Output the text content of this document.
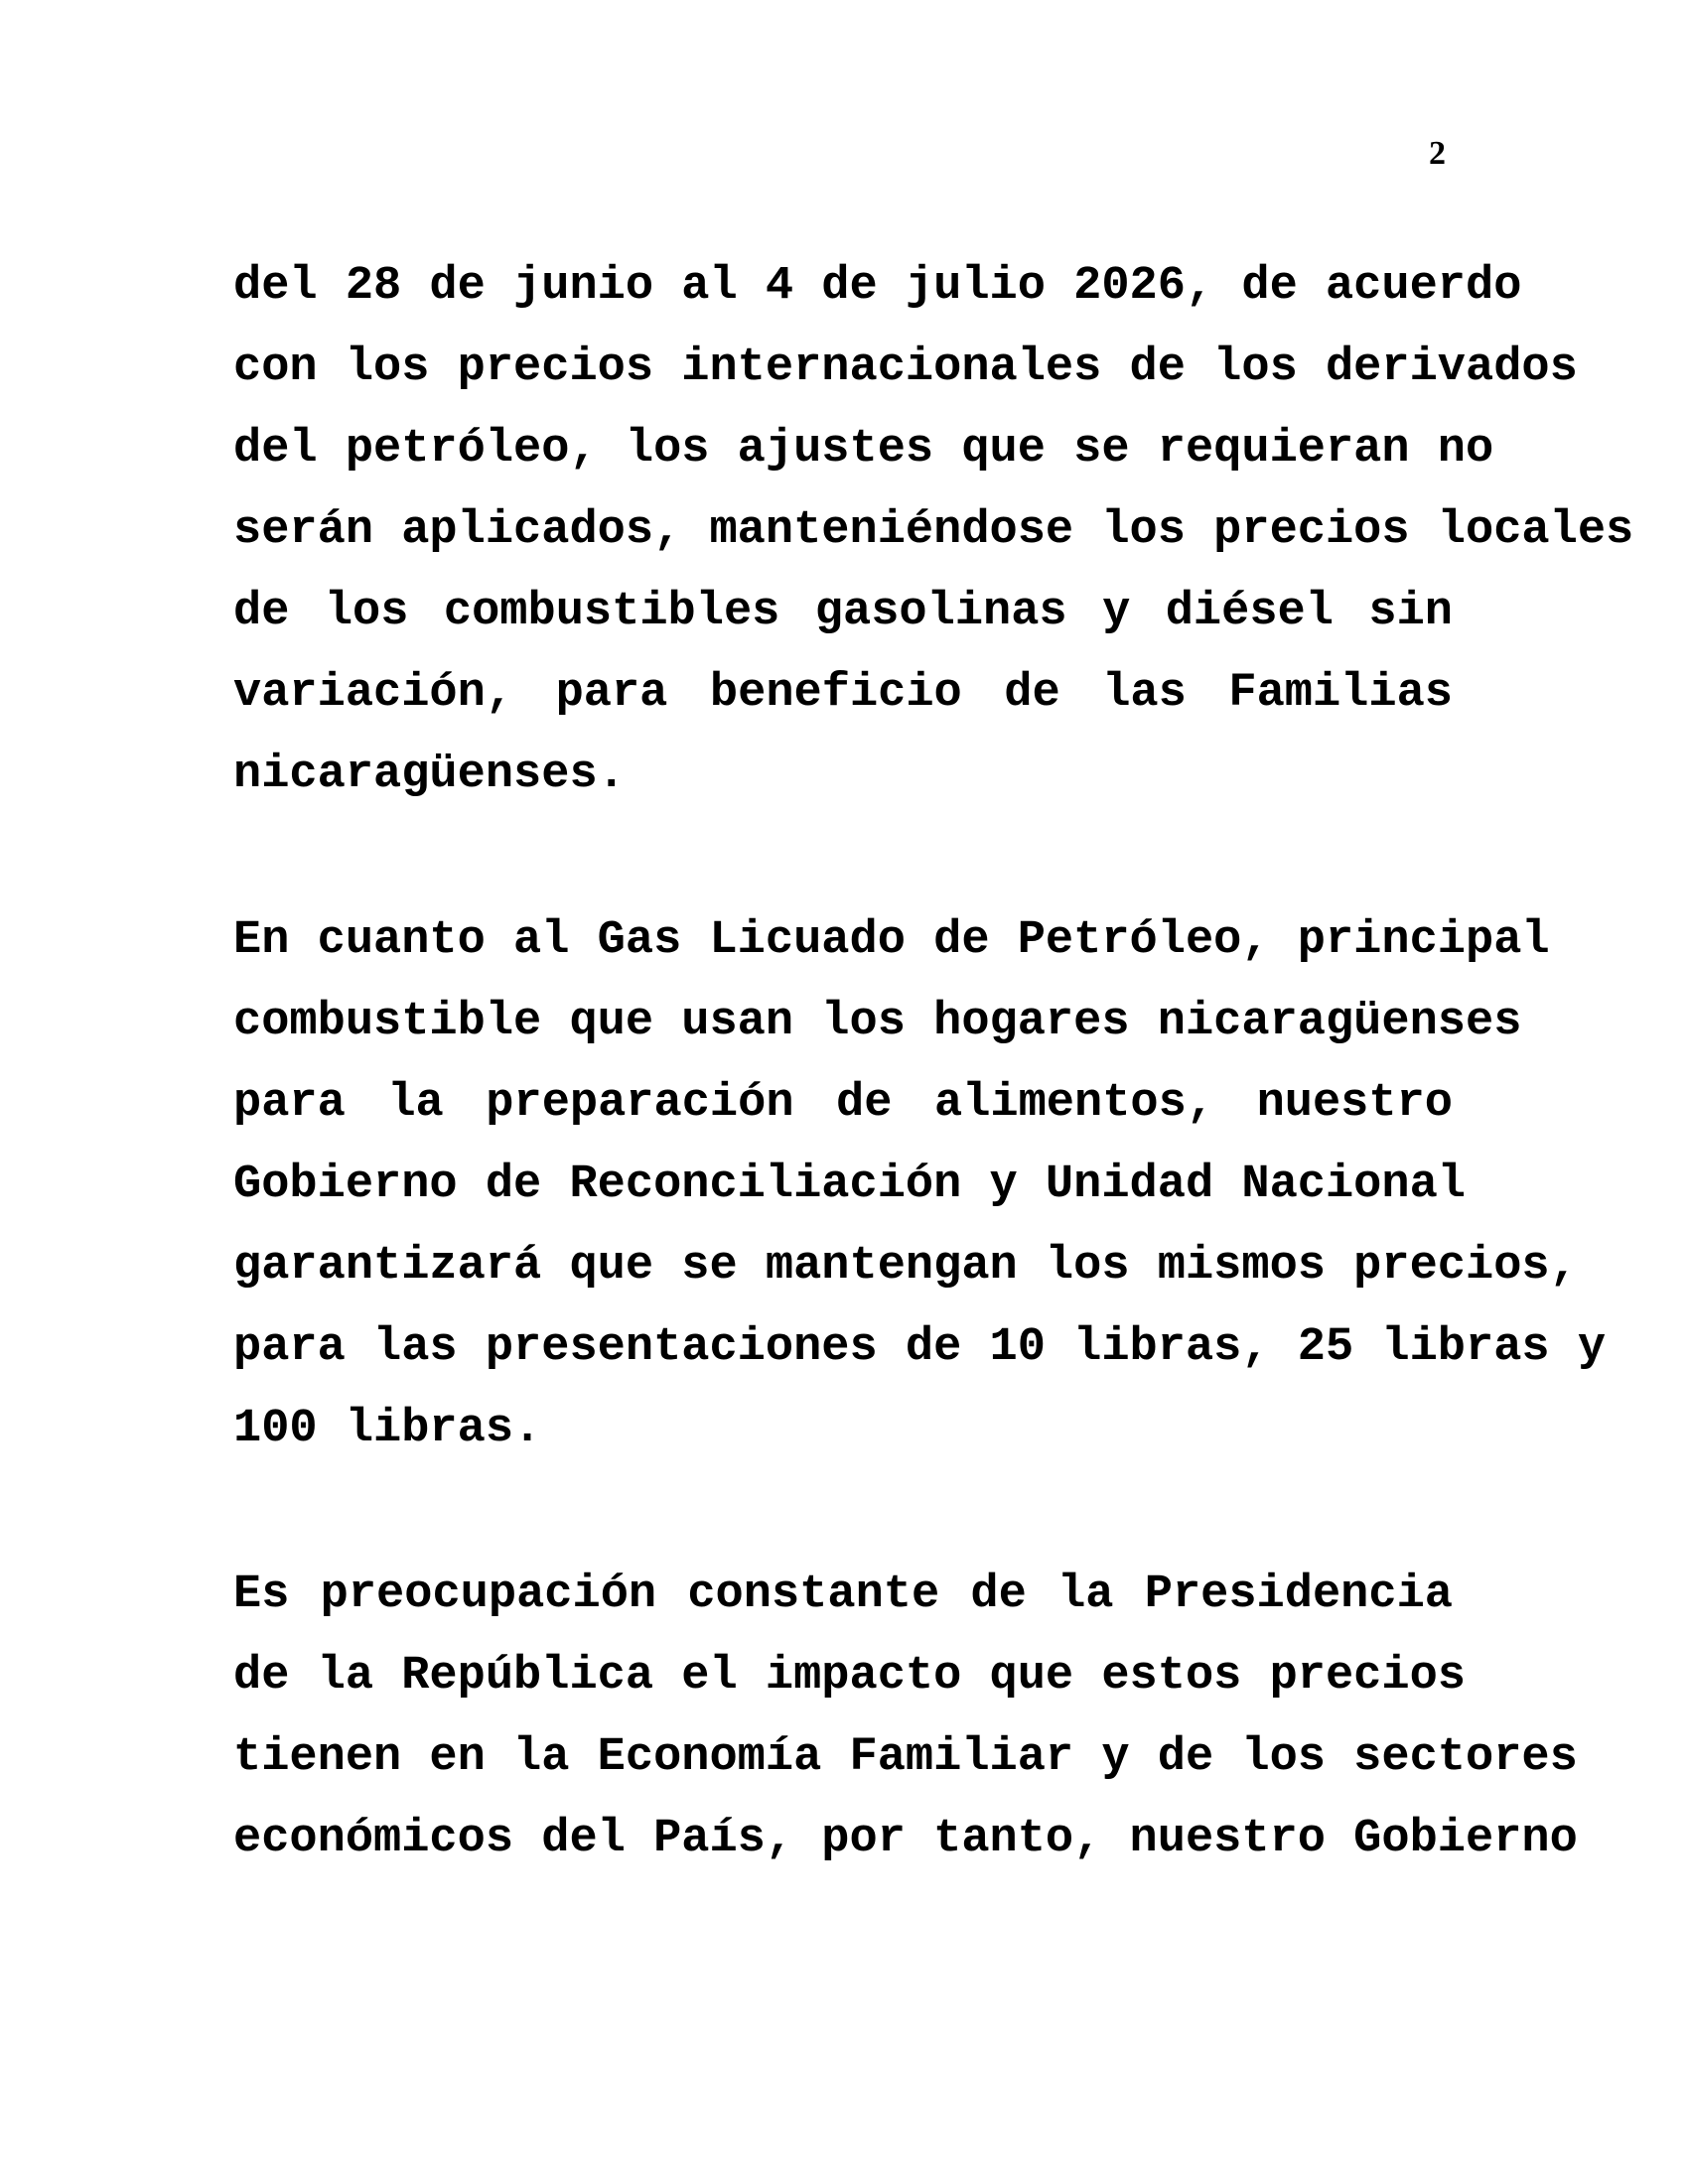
2
del 28 de junio al 4 de julio 2026, de acuerdo
con los precios internacionales de los derivados
del petróleo, los ajustes que se requieran no
serán aplicados, manteniéndose los precios locales
de los combustibles gasolinas y diésel sin
variación, para beneficio de las Familias
nicaragüenses.
En cuanto al Gas Licuado de Petróleo, principal
combustible que usan los hogares nicaragüenses
para la preparación de alimentos, nuestro
Gobierno de Reconciliación y Unidad Nacional
garantizará que se mantengan los mismos precios,
para las presentaciones de 10 libras, 25 libras y
100 libras.
Es preocupación constante de la Presidencia
de la República el impacto que estos precios
tienen en la Economía Familiar y de los sectores
económicos del País, por tanto, nuestro Gobierno
